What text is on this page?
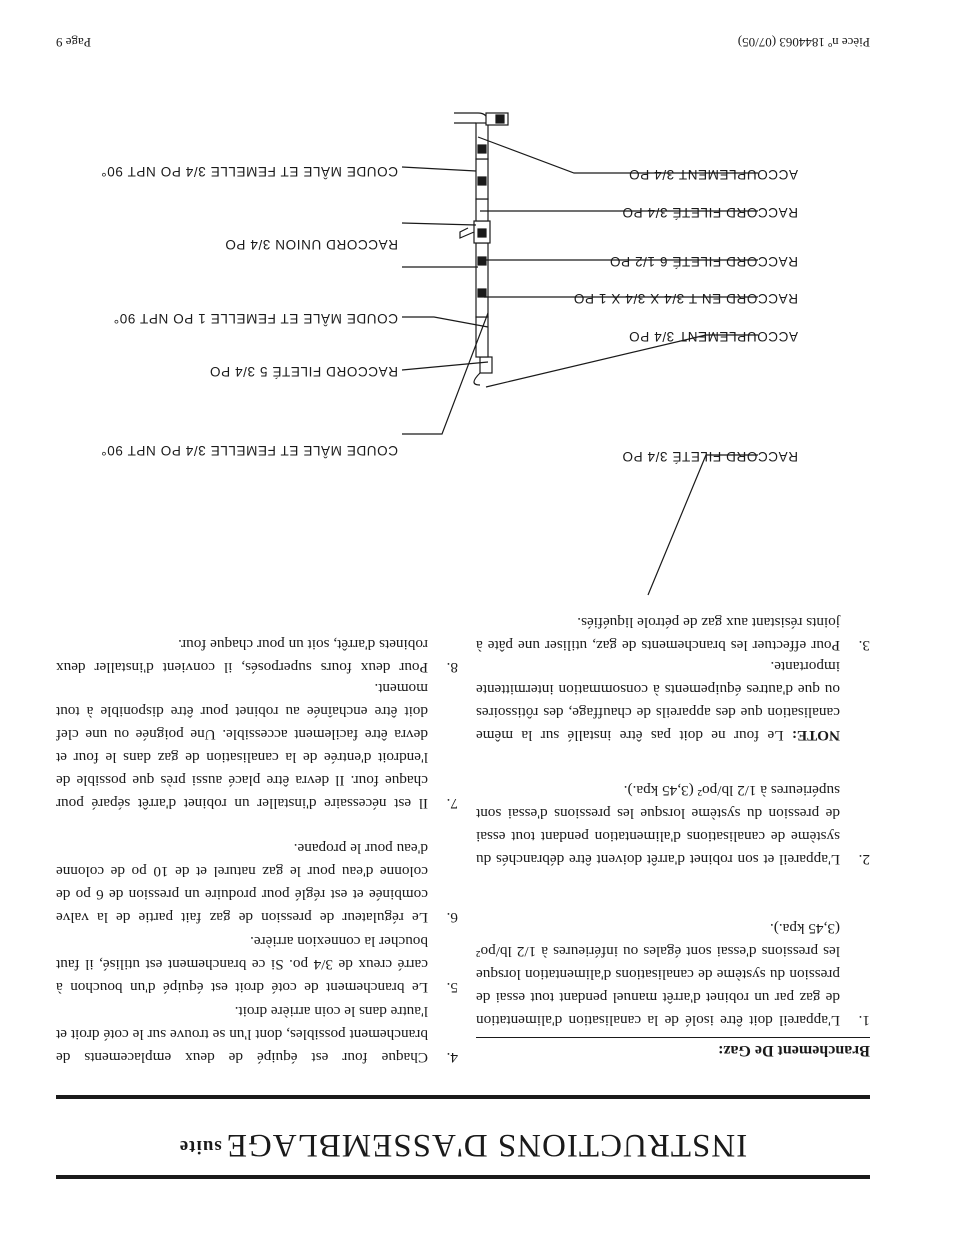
INSTRUCTIONS D'ASSEMBLAGEsuite
Branchement De Gaz:
1.
L'appareil doit être isolé de la canalisation d'alimentation de gaz par un robinet d'arrêt manuel pendant tout essai de pression du système de canalisations d'alimentation lorsque les pressions d'essai sont égales ou inférieures à 1/2 lb/po² (3,45 kpa.).
2.
L'appareil et son robinet d'arrêt doivent être débranchés du système de canalisations d'alimentation pendant tout essai de pression du système lorsque les pressions d'essai sont supérieures à 1/2 lb/po² (3,45 kpa.).
NOTE: Le four ne doit pas être installé sur la même canalisation que des appareils de chauffage, des rôtissoires ou que d'autres équipements à consommation intermittente importante.
3.
Pour effectuer les branchements de gaz, utiliser une pâte à joints résistant aux gaz de pétrole liquéfiés.
4.
Chaque four est équipé de deux emplacements de branchement possibles, dont l'un se trouve sur le coté droit et l'autre dans le coin arrière droit.
5.
Le branchement de coté droit est équipé d'un bouchon à carré creux de 3/4 po. Si ce branchement est utilisé, il faut boucher la connexion arrière.
6.
Le régulateur de pression de gaz fait partie de la valve combinée et est réglé pour produire un pression de 6 po de colonne d'eau pour le gaz naturel et de 10 po de colonne d'eau pour le propane.
7.
Il est nécessaire d'installer un robinet d'arrêt séparé pour chaque four. Il devra être placé aussi près que possible de l'endroit d'entrée de la canalisation de gaz dans le four et devra être facilement accessible. Une poignée ou une clef doit être enchaînée au robinet pour être disponible à tout moment.
8.
Pour deux fours superposés, il convient d'installer deux robinets d'arrêt, soit un pour chaque four.
RACCORD FILETÉ 3/4 PO
ACCOUPLEMENT 3/4 PO
RACCORD EN T 3/4 X 3/4 X 1 PO
RACCORD FILETÉ 6 1/2 PO
RACCORD FILETÉ 3/4 PO
ACCOUPLEMENT 3/4 PO
COUDE MÂLE ET FEMELLE 3/4 PO NPT 90°
RACCORD FILETÉ 5 3/4 PO
COUDE MÂLE ET FEMELLE 1 PO NPT 90°
RACCORD UNION 3/4 PO
COUDE MÂLE ET FEMELLE 3/4 PO NPT 90°
Pièce nº 1844063 (07/05)
Page 9
